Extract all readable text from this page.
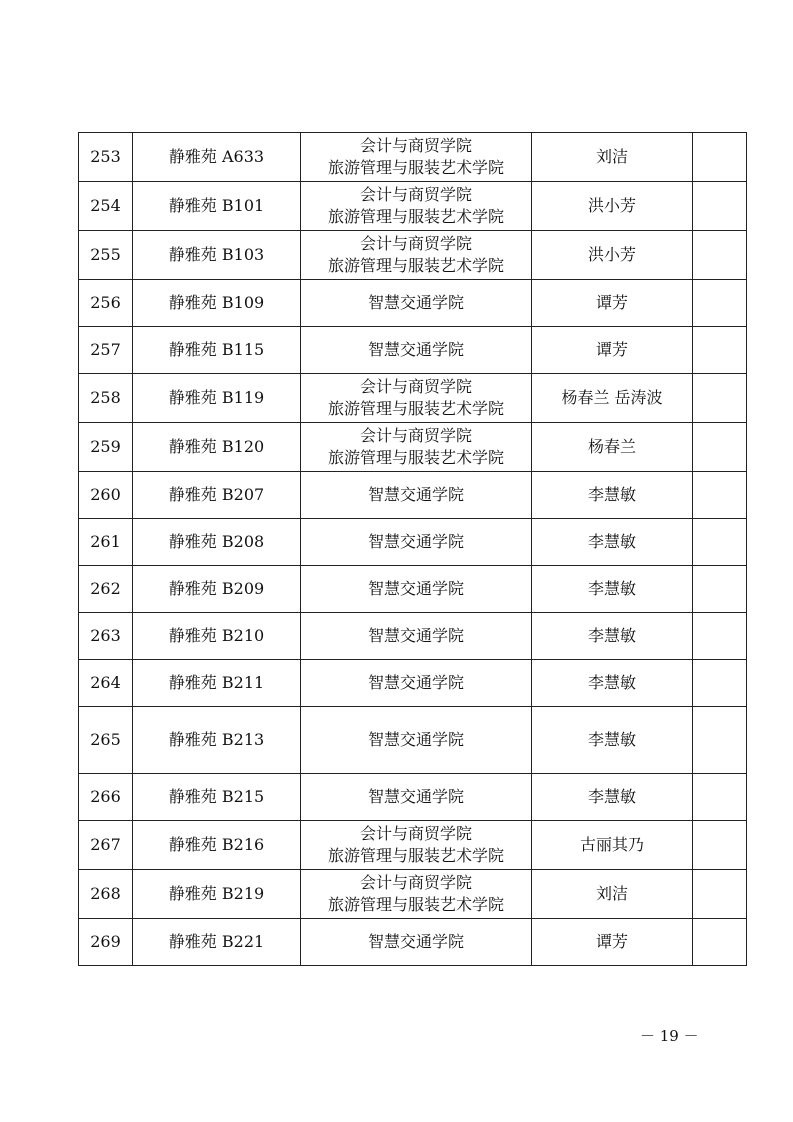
253	静雅苑 A633	会计与商贸学院
旅游管理与服装艺术学院	刘洁	
254	静雅苑 B101	会计与商贸学院
旅游管理与服装艺术学院	洪小芳	
255	静雅苑 B103	会计与商贸学院
旅游管理与服装艺术学院	洪小芳	
256	静雅苑 B109	智慧交通学院	谭芳	
257	静雅苑 B115	智慧交通学院	谭芳	
258	静雅苑 B119	会计与商贸学院
旅游管理与服装艺术学院	杨春兰 岳涛波	
259	静雅苑 B120	会计与商贸学院
旅游管理与服装艺术学院	杨春兰	
260	静雅苑 B207	智慧交通学院	李慧敏	
261	静雅苑 B208	智慧交通学院	李慧敏	
262	静雅苑 B209	智慧交通学院	李慧敏	
263	静雅苑 B210	智慧交通学院	李慧敏	
264	静雅苑 B211	智慧交通学院	李慧敏	
265	静雅苑 B213	智慧交通学院	李慧敏	
266	静雅苑 B215	智慧交通学院	李慧敏	
267	静雅苑 B216	会计与商贸学院
旅游管理与服装艺术学院	古丽其乃	
268	静雅苑 B219	会计与商贸学院
旅游管理与服装艺术学院	刘洁	
269	静雅苑 B221	智慧交通学院	谭芳	
－ 19 －
